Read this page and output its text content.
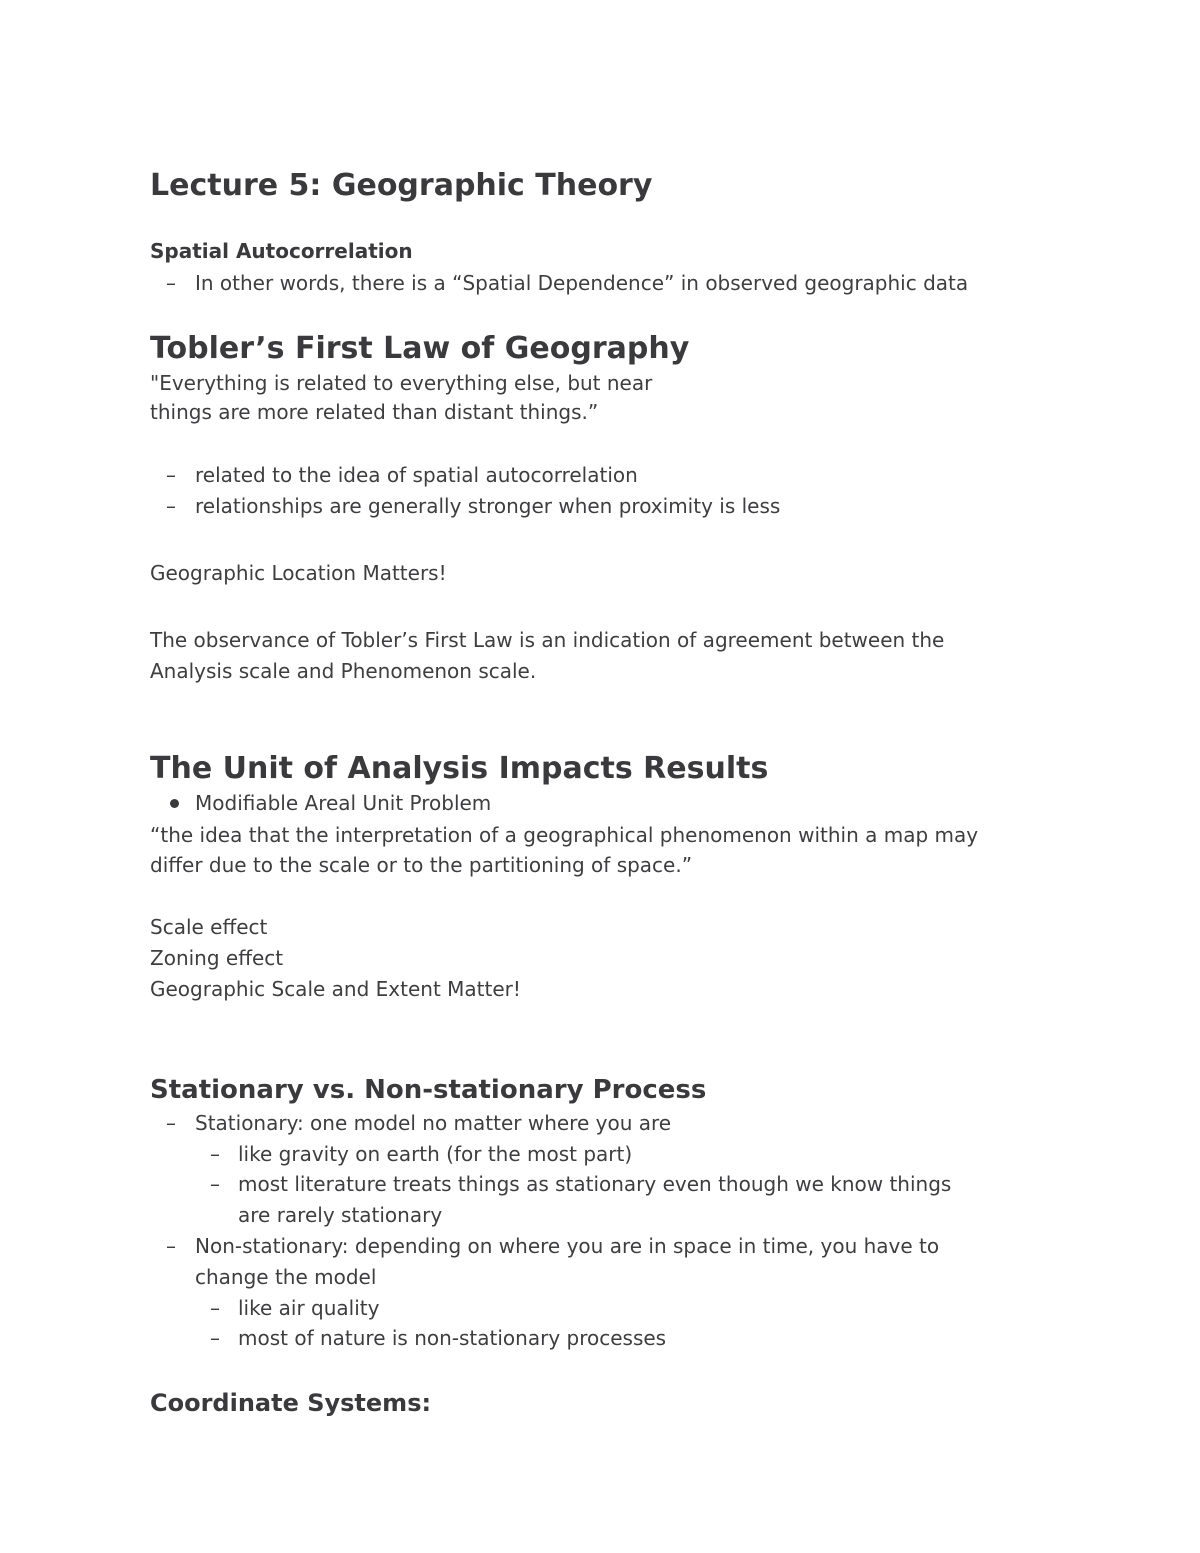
Lecture 5: Geographic Theory
Spatial Autocorrelation
– In other words, there is a “Spatial Dependence” in observed geographic data
Tobler’s First Law of Geography
"Everything is related to everything else, but near
things are more related than distant things.”
– related to the idea of spatial autocorrelation
– relationships are generally stronger when proximity is less
Geographic Location Matters!
The observance of Tobler’s First Law is an indication of agreement between the
Analysis scale and Phenomenon scale.
The Unit of Analysis Impacts Results
Modifiable Areal Unit Problem
“the idea that the interpretation of a geographical phenomenon within a map may
differ due to the scale or to the partitioning of space.”
Scale effect
Zoning effect
Geographic Scale and Extent Matter!
Stationary vs. Non-stationary Process
– Stationary: one model no matter where you are
– like gravity on earth (for the most part)
– most literature treats things as stationary even though we know things
are rarely stationary
– Non-stationary: depending on where you are in space in time, you have to
change the model
– like air quality
– most of nature is non-stationary processes
Coordinate Systems:
